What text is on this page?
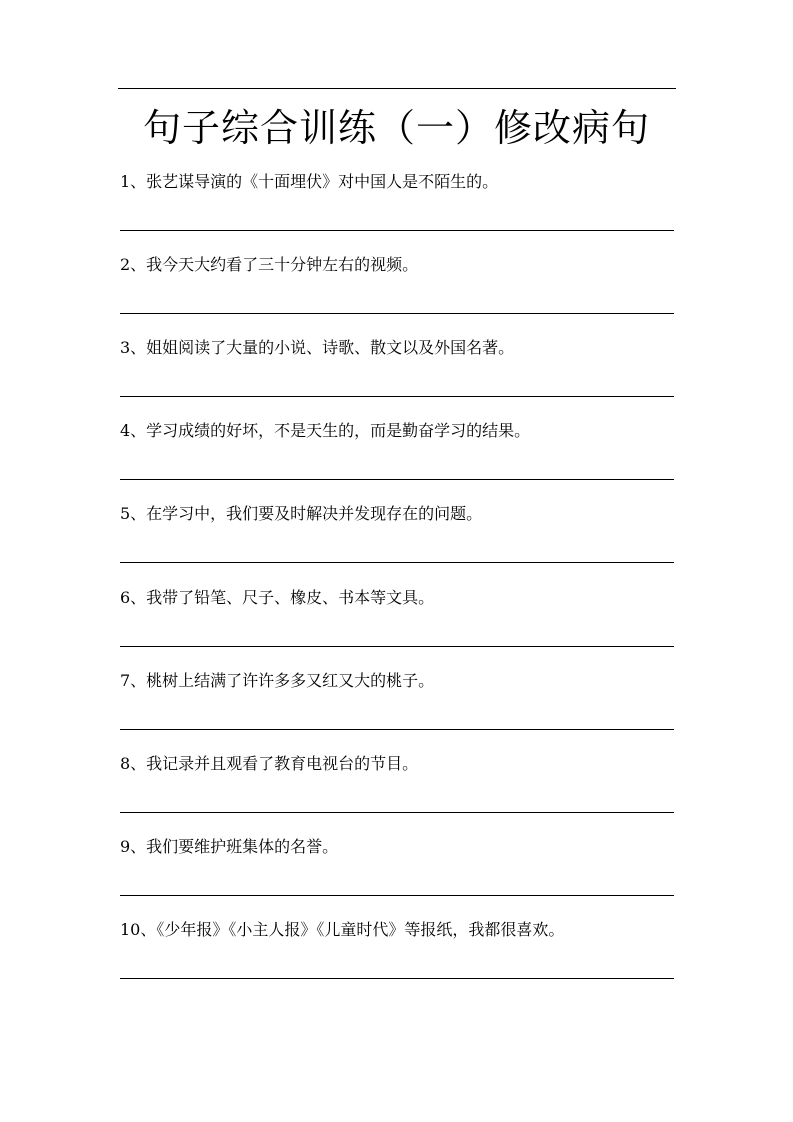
句子综合训练（一）修改病句
1、张艺谋导演的《十面埋伏》对中国人是不陌生的。
2、我今天大约看了三十分钟左右的视频。
3、姐姐阅读了大量的小说、诗歌、散文以及外国名著。
4、学习成绩的好坏，不是天生的，而是勤奋学习的结果。
5、在学习中，我们要及时解决并发现存在的问题。
6、我带了铅笔、尺子、橡皮、书本等文具。
7、桃树上结满了许许多多又红又大的桃子。
8、我记录并且观看了教育电视台的节目。
9、我们要维护班集体的名誉。
10、《少年报》《小主人报》《儿童时代》等报纸，我都很喜欢。
